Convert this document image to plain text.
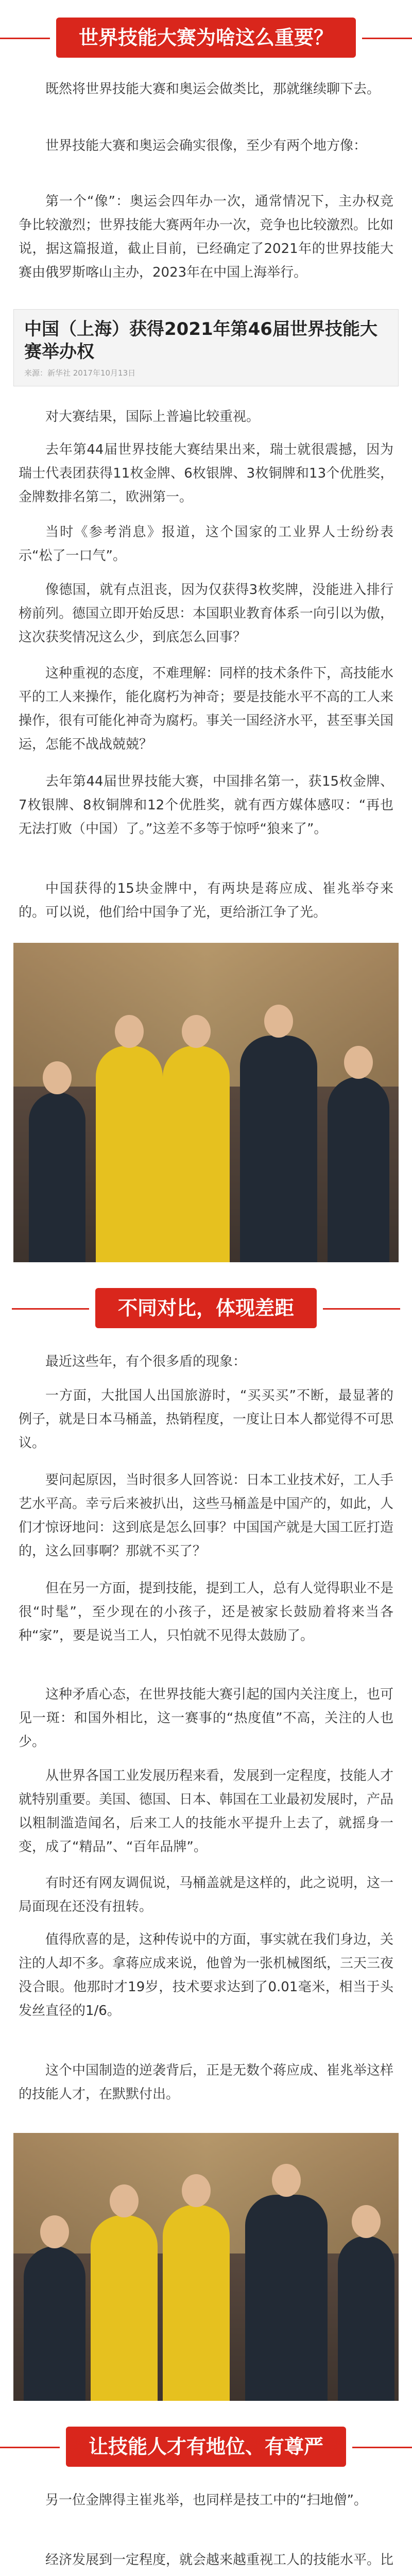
世界技能大赛为啥这么重要？

既然将世界技能大赛和奥运会做类比，那就继续聊下去。

世界技能大赛和奥运会确实很像，至少有两个地方像：

第一个“像”：奥运会四年办一次，通常情况下，主办权竞争比较激烈；世界技能大赛两年办一次，竞争也比较激烈。比如说，据这篇报道，截止目前，已经确定了2021年的世界技能大赛由俄罗斯喀山主办，2023年在中国上海举行。

中国（上海）获得2021年第46届世界技能大赛举办权
来源：新华社 2017年10月13日

对大赛结果，国际上普遍比较重视。

去年第44届世界技能大赛结果出来，瑞士就很震撼，因为瑞士代表团获得11枚金牌、6枚银牌、3枚铜牌和13个优胜奖，金牌数排名第二，欧洲第一。

当时《参考消息》报道，这个国家的工业界人士纷纷表示“松了一口气”。

像德国，就有点沮丧，因为仅获得3枚奖牌，没能进入排行榜前列。德国立即开始反思：本国职业教育体系一向引以为傲，这次获奖情况这么少，到底怎么回事？

这种重视的态度，不难理解：同样的技术条件下，高技能水平的工人来操作，能化腐朽为神奇；要是技能水平不高的工人来操作，很有可能化神奇为腐朽。事关一国经济水平，甚至事关国运，怎能不战战兢兢？

去年第44届世界技能大赛，中国排名第一，获15枚金牌、7枚银牌、8枚铜牌和12个优胜奖，就有西方媒体感叹：“再也无法打败（中国）了。”这差不多等于惊呼“狼来了”。

中国获得的15块金牌中，有两块是蒋应成、崔兆举夺来的。可以说，他们给中国争了光，更给浙江争了光。

不同对比，体现差距

最近这些年，有个很多盾的现象：

一方面，大批国人出国旅游时，“买买买”不断，最显著的例子，就是日本马桶盖，热销程度，一度让日本人都觉得不可思议。

要问起原因，当时很多人回答说：日本工业技术好，工人手艺水平高。幸亏后来被扒出，这些马桶盖是中国产的，如此，人们才惊讶地问：这到底是怎么回事？中国国产就是大国工匠打造的，这么回事啊？那就不买了？

但在另一方面，提到技能，提到工人，总有人觉得职业不是很“时髦”，至少现在的小孩子，还是被家长鼓励着将来当各种“家”，要是说当工人，只怕就不见得太鼓励了。

这种矛盾心态，在世界技能大赛引起的国内关注度上，也可见一斑：和国外相比，这一赛事的“热度值”不高，关注的人也少。

从世界各国工业发展历程来看，发展到一定程度，技能人才就特别重要。美国、德国、日本、韩国在工业最初发展时，产品以粗制滥造闻名，后来工人的技能水平提升上去了，就摇身一变，成了“精品”、“百年品牌”。

有时还有网友调侃说，马桶盖就是这样的，此之说明，这一局面现在还没有扭转。

值得欣喜的是，这种传说中的方面，事实就在我们身边，关注的人却不多。拿蒋应成来说，他曾为一张机械图纸，三天三夜没合眼。他那时才19岁，技术要求达到了0.01毫米，相当于头发丝直径的1/6。

这个中国制造的逆袭背后，正是无数个蒋应成、崔兆举这样的技能人才，在默默付出。

让技能人才有地位、有尊严

另一位金牌得主崔兆举，也同样是技工中的“扫地僧”。

经济发展到一定程度，就会越来越重视工人的技能水平。比
